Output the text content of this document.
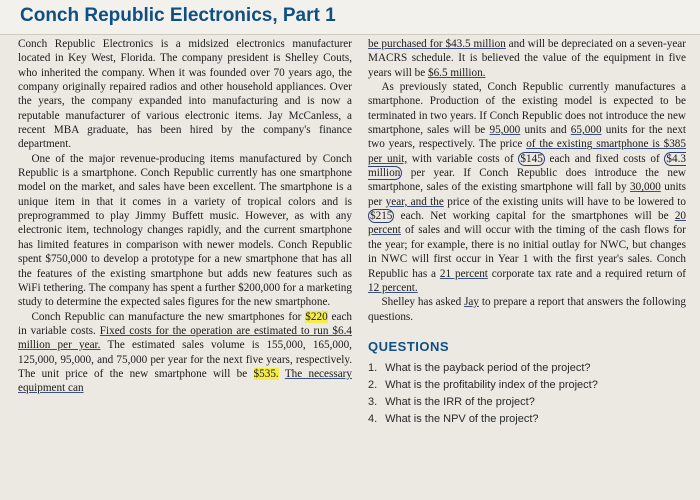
Conch Republic Electronics, Part 1

Conch Republic Electronics is a midsized electronics manufacturer located in Key West, Florida. The company president is Shelley Couts, who inherited the company. When it was founded over 70 years ago, the company originally repaired radios and other household appliances. Over the years, the company expanded into manufacturing and is now a reputable manufacturer of various electronic items. Jay McCanless, a recent MBA graduate, has been hired by the company's finance department.

One of the major revenue-producing items manufactured by Conch Republic is a smartphone. Conch Republic currently has one smartphone model on the market, and sales have been excellent. The smartphone is a unique item in that it comes in a variety of tropical colors and is preprogrammed to play Jimmy Buffett music. However, as with any electronic item, technology changes rapidly, and the current smartphone has limited features in comparison with newer models. Conch Republic spent $750,000 to develop a prototype for a new smartphone that has all the features of the existing smartphone but adds new features such as WiFi tethering. The company has spent a further $200,000 for a marketing study to determine the expected sales figures for the new smartphone.

Conch Republic can manufacture the new smartphones for $220 each in variable costs. Fixed costs for the operation are estimated to run $6.4 million per year. The estimated sales volume is 155,000, 165,000, 125,000, 95,000, and 75,000 per year for the next five years, respectively. The unit price of the new smartphone will be $535. The necessary equipment can

be purchased for $43.5 million and will be depreciated on a seven-year MACRS schedule. It is believed the value of the equipment in five years will be $6.5 million.

As previously stated, Conch Republic currently manufactures a smartphone. Production of the existing model is expected to be terminated in two years. If Conch Republic does not introduce the new smartphone, sales will be 95,000 units and 65,000 units for the next two years, respectively. The price of the existing smartphone is $385 per unit, with variable costs of $145 each and fixed costs of $4.3 million per year. If Conch Republic does introduce the new smartphone, sales of the existing smartphone will fall by 30,000 units per year, and the price of the existing units will have to be lowered to $215 each. Net working capital for the smartphones will be 20 percent of sales and will occur with the timing of the cash flows for the year; for example, there is no initial outlay for NWC, but changes in NWC will first occur in Year 1 with the first year's sales. Conch Republic has a 21 percent corporate tax rate and a required return of 12 percent.

Shelley has asked Jay to prepare a report that answers the following questions.

QUESTIONS
1. What is the payback period of the project?
2. What is the profitability index of the project?
3. What is the IRR of the project?
4. What is the NPV of the project?
